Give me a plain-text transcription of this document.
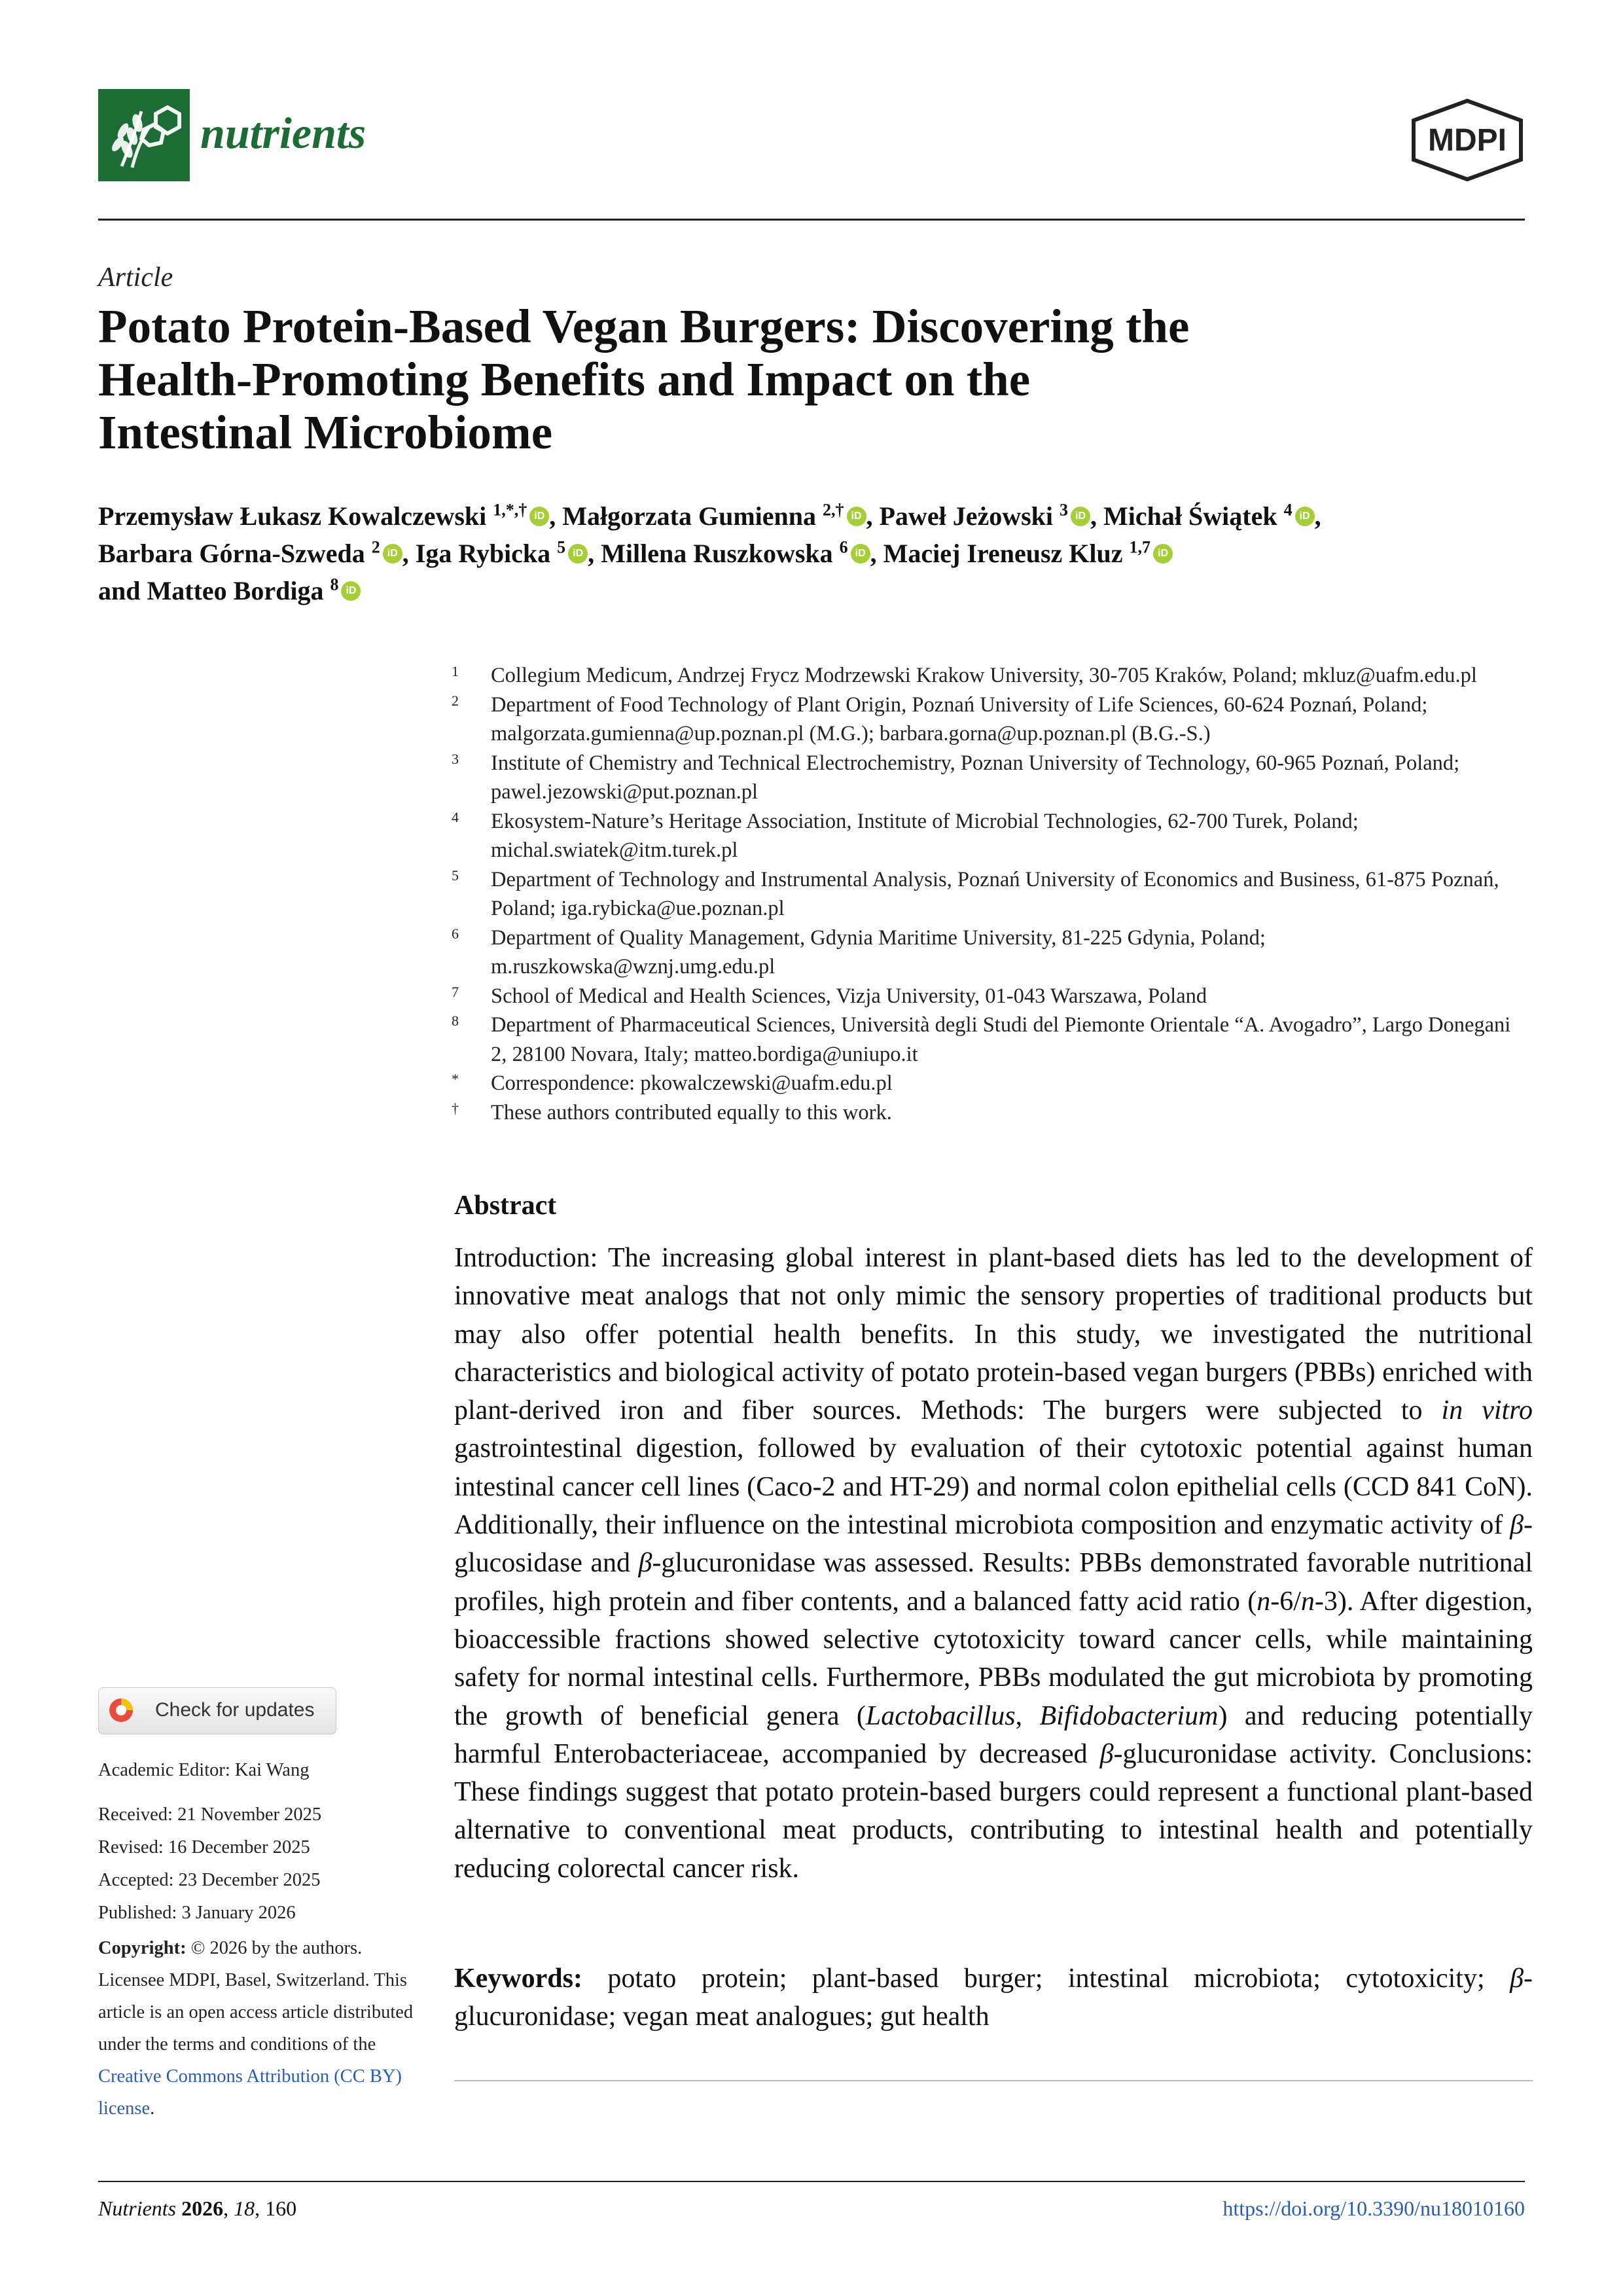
nutrients	MDPI
Article
Potato Protein-Based Vegan Burgers: Discovering the
Health-Promoting Benefits and Impact on the
Intestinal Microbiome
Przemysław Łukasz Kowalczewski $^{1,*,\dagger}$ iD , Małgorzata Gumienna $^{2,\dagger}$ iD , Paweł Jeżowski $^3$ iD , Michał Świątek $^4$ iD ,
Barbara Górna-Szweda $^2$ iD , Iga Rybicka $^5$ iD , Millena Ruszkowska $^6$ iD , Maciej Ireneusz Kluz $^{1,7}$ iD
and Matteo Bordiga $^8$ iD
1	Collegium Medicum, Andrzej Frycz Modrzewski Krakow University, 30-705 Kraków, Poland; mkluz@uafm.edu.pl
2	Department of Food Technology of Plant Origin, Poznań University of Life Sciences, 60-624 Poznań, Poland; malgorzata.gumienna@up.poznan.pl (M.G.); barbara.gorna@up.poznan.pl (B.G.-S.)
3	Institute of Chemistry and Technical Electrochemistry, Poznan University of Technology, 60-965 Poznań, Poland; pawel.jezowski@put.poznan.pl
4	Ekosystem-Nature’s Heritage Association, Institute of Microbial Technologies, 62-700 Turek, Poland; michal.swiatek@itm.turek.pl
5	Department of Technology and Instrumental Analysis, Poznań University of Economics and Business, 61-875 Poznań, Poland; iga.rybicka@ue.poznan.pl
6	Department of Quality Management, Gdynia Maritime University, 81-225 Gdynia, Poland; m.ruszkowska@wznj.umg.edu.pl
7	School of Medical and Health Sciences, Vizja University, 01-043 Warszawa, Poland
8	Department of Pharmaceutical Sciences, Università degli Studi del Piemonte Orientale “A. Avogadro”, Largo Donegani 2, 28100 Novara, Italy; matteo.bordiga@uniupo.it
*	Correspondence: pkowalczewski@uafm.edu.pl
†	These authors contributed equally to this work.
Abstract
Introduction: The increasing global interest in plant-based diets has led to the development of innovative meat analogs that not only mimic the sensory properties of traditional products but may also offer potential health benefits. In this study, we investigated the nutritional characteristics and biological activity of potato protein-based vegan burgers (PBBs) enriched with plant-derived iron and fiber sources. Methods: The burgers were subjected to in vitro gastrointestinal digestion, followed by evaluation of their cytotoxic potential against human intestinal cancer cell lines (Caco-2 and HT-29) and normal colon epithelial cells (CCD 841 CoN). Additionally, their influence on the intestinal microbiota composition and enzymatic activity of β-glucosidase and β-glucuronidase was assessed. Results: PBBs demonstrated favorable nutritional profiles, high protein and fiber contents, and a balanced fatty acid ratio (n-6/n-3). After digestion, bioaccessible fractions showed selective cytotoxicity toward cancer cells, while maintaining safety for normal intestinal cells. Furthermore, PBBs modulated the gut microbiota by promoting the growth of beneficial genera (Lactobacillus, Bifidobacterium) and reducing potentially harmful Enterobacteriaceae, accompanied by decreased β-glucuronidase activity. Conclusions: These findings suggest that potato protein-based burgers could represent a functional plant-based alternative to conventional meat products, contributing to intestinal health and potentially reducing colorectal cancer risk.
Keywords: potato protein; plant-based burger; intestinal microbiota; cytotoxicity; β-glucuronidase; vegan meat analogues; gut health
Check for updates
Academic Editor: Kai Wang
Received: 21 November 2025
Revised: 16 December 2025
Accepted: 23 December 2025
Published: 3 January 2026
Copyright: © 2026 by the authors. Licensee MDPI, Basel, Switzerland. This article is an open access article distributed under the terms and conditions of the Creative Commons Attribution (CC BY) license.
Nutrients 2026, 18, 160	https://doi.org/10.3390/nu18010160
